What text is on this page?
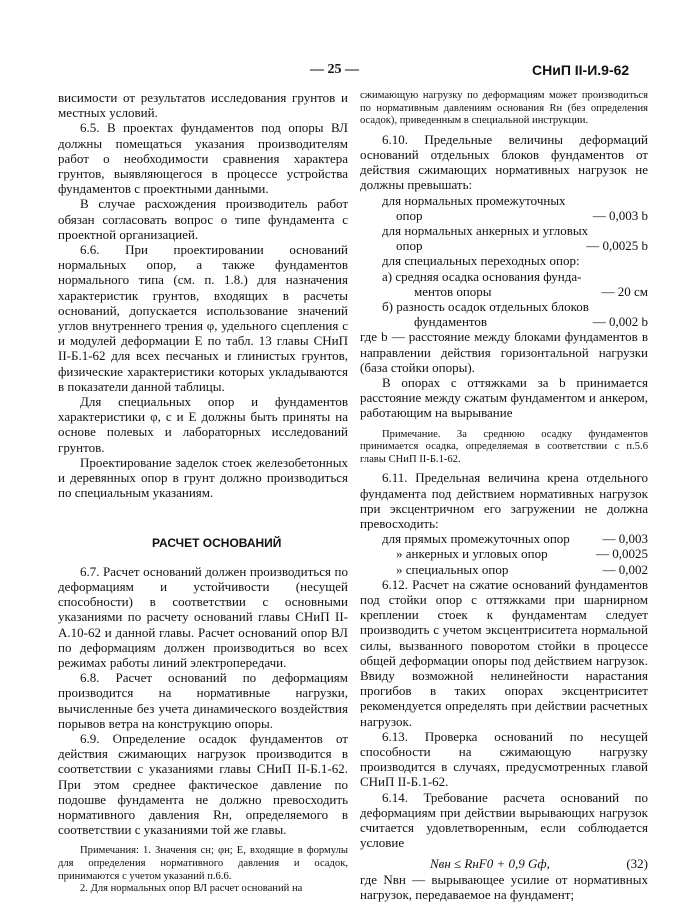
— 25 —	СНиП II-И.9-62

висимости от результатов исследования грунтов и местных условий.

6.5. В проектах фундаментов под опоры ВЛ должны помещаться указания производителям работ о необходимости сравнения характера грунтов, выявляющегося в процессе устройства фундаментов с проектными данными.

В случае расхождения производитель работ обязан согласовать вопрос о типе фундамента с проектной организацией.

6.6. При проектировании оснований нормальных опор, а также фундаментов нормального типа (см. п. 1.8.) для назначения характеристик грунтов, входящих в расчеты оснований, допускается использование значений углов внутреннего трения φ, удельного сцепления c и модулей деформации E по табл. 13 главы СНиП II-Б.1-62 для всех песчаных и глинистых грунтов, физические характеристики которых укладываются в показатели данной таблицы.

Для специальных опор и фундаментов характеристики φ, c и E должны быть приняты на основе полевых и лабораторных исследований грунтов.

Проектирование заделок стоек железобетонных и деревянных опор в грунт должно производиться по специальным указаниям.

РАСЧЕТ ОСНОВАНИЙ

6.7. Расчет оснований должен производиться по деформациям и устойчивости (несущей способности) в соответствии с основными указаниями по расчету оснований главы СНиП II-А.10-62 и данной главы. Расчет оснований опор ВЛ по деформациям должен производиться во всех режимах работы линий электропередачи.

6.8. Расчет оснований по деформациям производится на нормативные нагрузки, вычисленные без учета динамического воздействия порывов ветра на конструкцию опоры.

6.9. Определение осадок фундаментов от действия сжимающих нагрузок производится в соответствии с указаниями главы СНиП II-Б.1-62. При этом среднее фактическое давление по подошве фундамента не должно превосходить нормативного давления Rн, определяемого в соответствии с указаниями той же главы.

Примечания: 1. Значения cн; φн; E, входящие в формулы для определения нормативного давления и осадок, принимаются с учетом указаний п.6.6.

2. Для нормальных опор ВЛ расчет оснований на

сжимающую нагрузку по деформациям может производиться по нормативным давлениям основания Rн (без определения осадок), приведенным в специальной инструкции.

6.10. Предельные величины деформаций оснований отдельных блоков фундаментов от действия сжимающих нормативных нагрузок не должны превышать:

для нормальных промежуточных
опор	— 0,003 b
для нормальных анкерных и угловых
опор	— 0,0025 b
для специальных переходных опор:
а) средняя осадка основания фунда-
ментов опоры	— 20 см
б) разность осадок отдельных блоков
фундаментов	— 0,002 b

где b — расстояние между блоками фундаментов в направлении действия горизонтальной нагрузки (база стойки опоры).

В опорах с оттяжками за b принимается расстояние между сжатым фундаментом и анкером, работающим на вырывание

Примечание. За среднюю осадку фундаментов принимается осадка, определяемая в соответствии с п.5.6 главы СНиП II-Б.1-62.

6.11. Предельная величина крена отдельного фундамента под действием нормативных нагрузок при эксцентричном его загружении не должна превосходить:

для прямых промежуточных опор	— 0,003
» анкерных и угловых опор	— 0,0025
» специальных опор	— 0,002

6.12. Расчет на сжатие оснований фундаментов под стойки опор с оттяжками при шарнирном креплении стоек к фундаментам следует производить с учетом эксцентриситета нормальной силы, вызванного поворотом стойки в процессе общей деформации опоры под действием нагрузок. Ввиду возможной нелинейности нарастания прогибов в таких опорах эксцентриситет рекомендуется определять при действии расчетных нагрузок.

6.13. Проверка оснований по несущей способности на сжимающую нагрузку производится в случаях, предусмотренных главой СНиП II-Б.1-62.

6.14. Требование расчета оснований по деформациям при действии вырывающих нагрузок считается удовлетворенным, если соблюдается условие

Nвн ≤ RнF0 + 0,9 Gф,	(32)

где Nвн — вырывающее усилие от нормативных нагрузок, передаваемое на фундамент;
